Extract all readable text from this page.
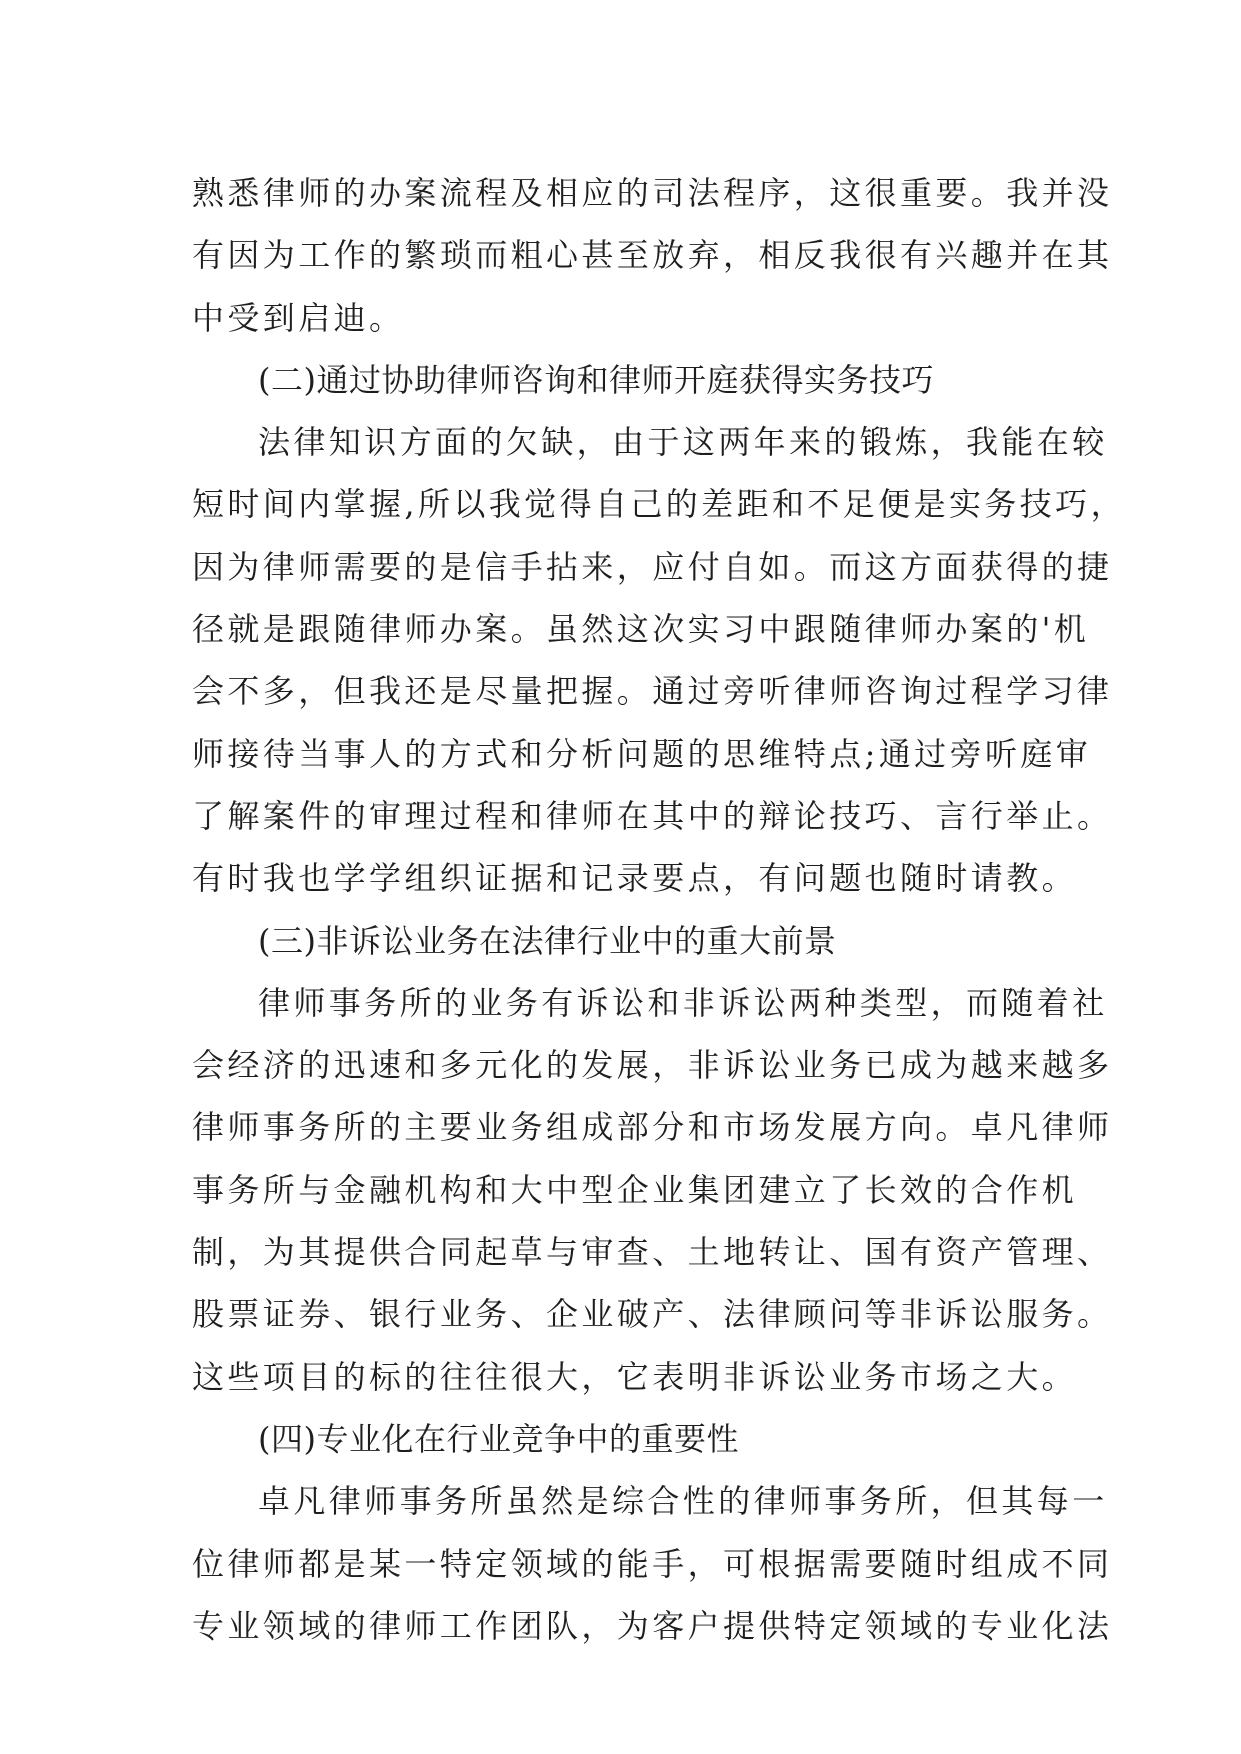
熟悉律师的办案流程及相应的司法程序，这很重要。我并没
有因为工作的繁琐而粗心甚至放弃，相反我很有兴趣并在其
中受到启迪。
(二)通过协助律师咨询和律师开庭获得实务技巧
法律知识方面的欠缺，由于这两年来的锻炼，我能在较
短时间内掌握,所以我觉得自己的差距和不足便是实务技巧，
因为律师需要的是信手拈来，应付自如。而这方面获得的捷
径就是跟随律师办案。虽然这次实习中跟随律师办案的'机
会不多，但我还是尽量把握。通过旁听律师咨询过程学习律
师接待当事人的方式和分析问题的思维特点;通过旁听庭审
了解案件的审理过程和律师在其中的辩论技巧、言行举止。
有时我也学学组织证据和记录要点，有问题也随时请教。
(三)非诉讼业务在法律行业中的重大前景
律师事务所的业务有诉讼和非诉讼两种类型，而随着社
会经济的迅速和多元化的发展，非诉讼业务已成为越来越多
律师事务所的主要业务组成部分和市场发展方向。卓凡律师
事务所与金融机构和大中型企业集团建立了长效的合作机
制，为其提供合同起草与审查、土地转让、国有资产管理、
股票证券、银行业务、企业破产、法律顾问等非诉讼服务。
这些项目的标的往往很大，它表明非诉讼业务市场之大。
(四)专业化在行业竞争中的重要性
卓凡律师事务所虽然是综合性的律师事务所，但其每一
位律师都是某一特定领域的能手，可根据需要随时组成不同
专业领域的律师工作团队，为客户提供特定领域的专业化法
